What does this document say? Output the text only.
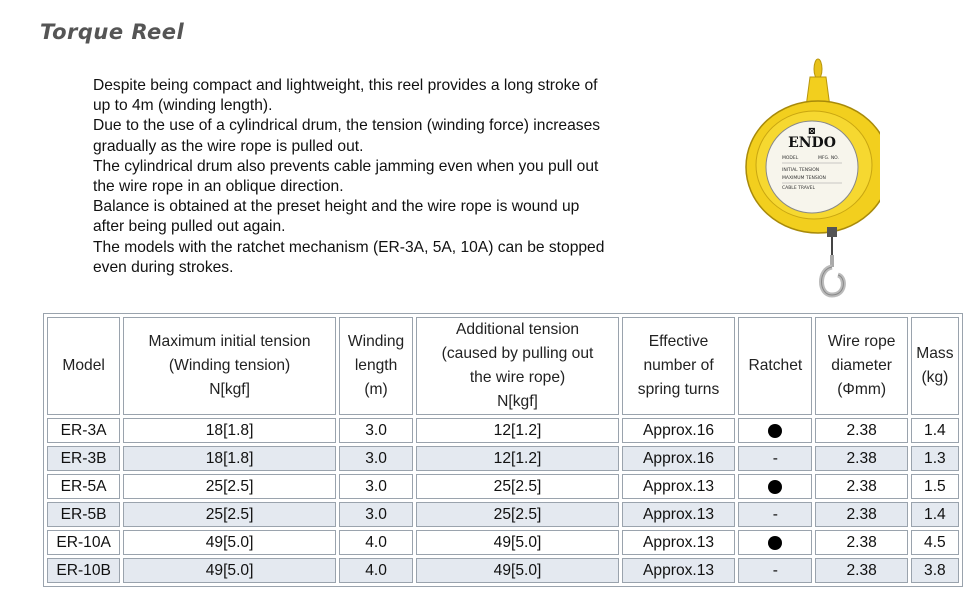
Torque Reel

Despite being compact and lightweight, this reel provides a long stroke of up to 4m (winding length).

Due to the use of a cylindrical drum, the tension (winding force) increases gradually as the wire rope is pulled out.

The cylindrical drum also prevents cable jamming even when you pull out the wire rope in an oblique direction.

Balance is obtained at the preset height and the wire rope is wound up after being pulled out again.

The models with the ratchet mechanism (ER-3A, 5A, 10A) can be stopped even during strokes.

ENDO
⊠
MODEL	MFG. NO.
INITIAL TENSION
MAXIMUM TENSION
CABLE TRAVEL
Model	Maximum initial tension
(Winding tension)
N[kgf]	Winding
length
(m)	Additional tension
(caused by pulling out
the wire rope)
N[kgf]	Effective
number of
spring turns	Ratchet	Wire rope
diameter
(Φmm)	Mass
(kg)
ER-3A	18[1.8]	3.0	12[1.2]	Approx.16		2.38	1.4
ER-3B	18[1.8]	3.0	12[1.2]	Approx.16	-	2.38	1.3
ER-5A	25[2.5]	3.0	25[2.5]	Approx.13		2.38	1.5
ER-5B	25[2.5]	3.0	25[2.5]	Approx.13	-	2.38	1.4
ER-10A	49[5.0]	4.0	49[5.0]	Approx.13		2.38	4.5
ER-10B	49[5.0]	4.0	49[5.0]	Approx.13	-	2.38	3.8
